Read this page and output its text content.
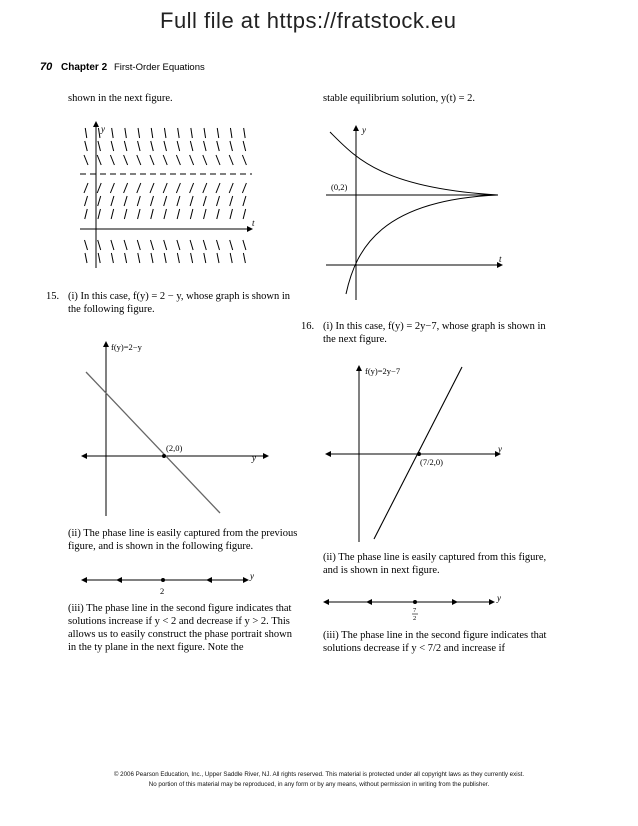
Full file at https://fratstock.eu
70 Chapter 2 First-Order Equations
shown in the next figure.
15. (i) In this case, f(y) = 2 − y, whose graph is shown in the following figure.
(ii) The phase line is easily captured from the previous figure, and is shown in the following figure.
(iii) The phase line in the second figure indicates that solutions increase if y < 2 and decrease if y > 2. This allows us to easily construct the phase portrait shown in the ty plane in the next figure. Note the
stable equilibrium solution, y(t) = 2.
16. (i) In this case, f(y) = 2y−7, whose graph is shown in the next figure.
(ii) The phase line is easily captured from this figure, and is shown in next figure.
(iii) The phase line in the second figure indicates that solutions decrease if y < 7/2 and increase if
y
t
y
t
(0,2)
f(y)=2−y
(2,0)
y
2
y
f(y)=2y−7
(7/2,0)
y
7
2
y
© 2006 Pearson Education, Inc., Upper Saddle River, NJ. All rights reserved. This material is protected under all copyright laws as they currently exist.
No portion of this material may be reproduced, in any form or by any means, without permission in writing from the publisher.
